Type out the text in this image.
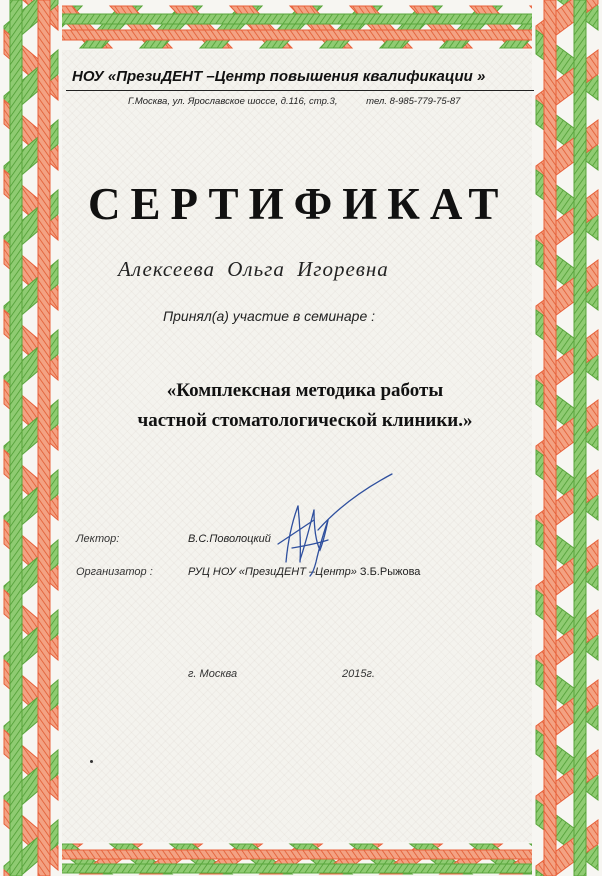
НОУ «ПрезиДЕНТ –Центр повышения квалификации »
Г.Москва, ул. Ярославское шоссе, д.116, стр.3,	тел. 8-985-779-75-87
СЕРТИФИКАТ
Алексеева Ольга Игоревна
Принял(а) участие в семинаре :
«Комплексная методика работы
частной стоматологической клиники.»
Лектор:	В.С.Поволоцкий
Организатор :	РУЦ НОУ «ПрезиДЕНТ –Центр» З.Б.Рыжова
г. Москва	2015г.
